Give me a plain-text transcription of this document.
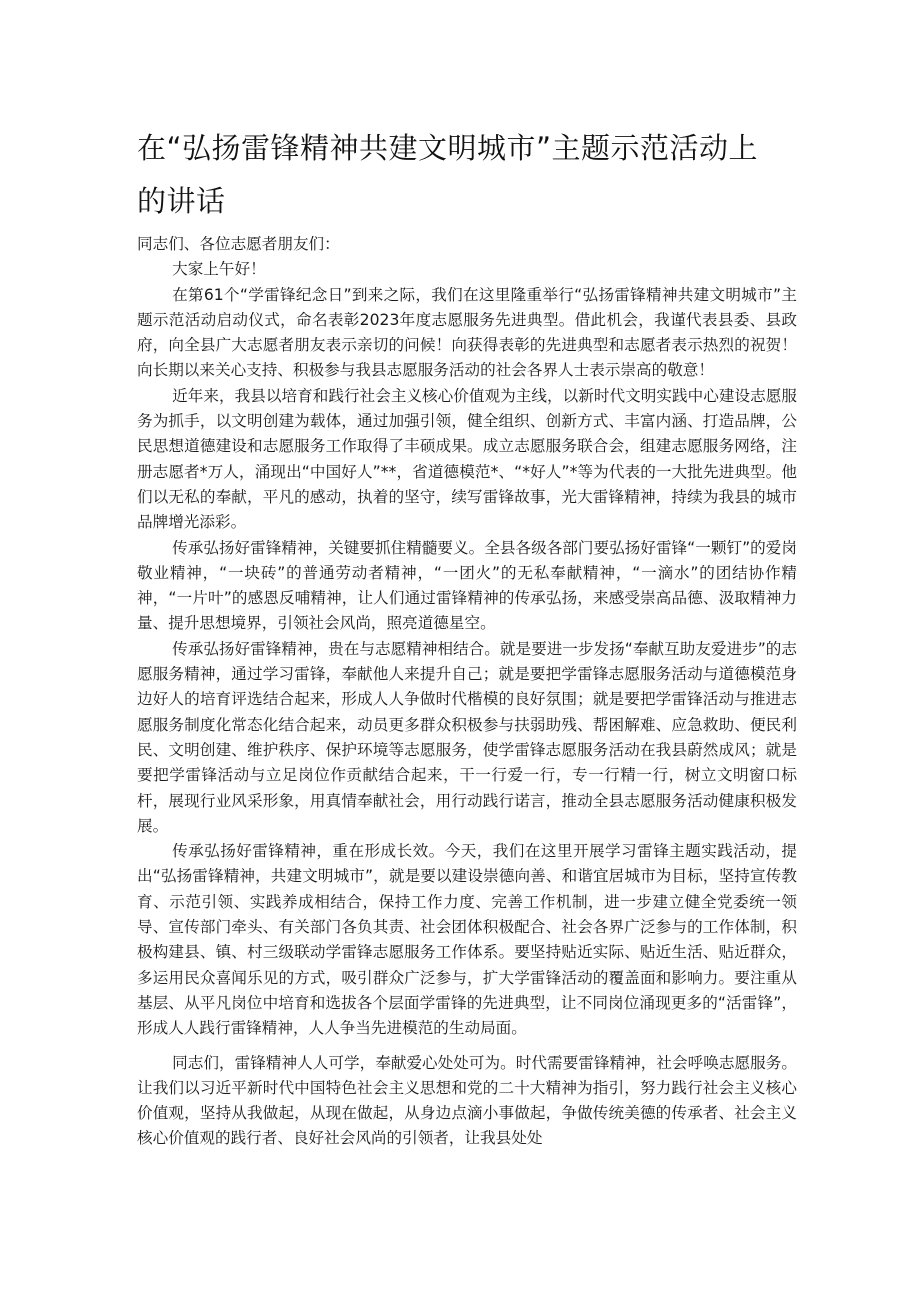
在“弘扬雷锋精神共建文明城市”主题示范活动上
的讲话

同志们、各位志愿者朋友们：

大家上午好！

在第61个“学雷锋纪念日”到来之际，我们在这里隆重举行“弘扬雷锋精神共建文明城市”主题示范活动启动仪式，命名表彰2023年度志愿服务先进典型。借此机会，我谨代表县委、县政府，向全县广大志愿者朋友表示亲切的问候！向获得表彰的先进典型和志愿者表示热烈的祝贺！向长期以来关心支持、积极参与我县志愿服务活动的社会各界人士表示崇高的敬意！

近年来，我县以培育和践行社会主义核心价值观为主线，以新时代文明实践中心建设志愿服务为抓手，以文明创建为载体，通过加强引领，健全组织、创新方式、丰富内涵、打造品牌，公民思想道德建设和志愿服务工作取得了丰硕成果。成立志愿服务联合会，组建志愿服务网络，注册志愿者*万人，涌现出“中国好人”**，省道德模范*、“*好人”*等为代表的一大批先进典型。他们以无私的奉献，平凡的感动，执着的坚守，续写雷锋故事，光大雷锋精神，持续为我县的城市品牌增光添彩。

传承弘扬好雷锋精神，关键要抓住精髓要义。全县各级各部门要弘扬好雷锋“一颗钉”的爱岗敬业精神，“一块砖”的普通劳动者精神，“一团火”的无私奉献精神，“一滴水”的团结协作精神，“一片叶”的感恩反哺精神，让人们通过雷锋精神的传承弘扬，来感受崇高品德、汲取精神力量、提升思想境界，引领社会风尚，照亮道德星空。

传承弘扬好雷锋精神，贵在与志愿精神相结合。就是要进一步发扬“奉献互助友爱进步”的志愿服务精神，通过学习雷锋，奉献他人来提升自己；就是要把学雷锋志愿服务活动与道德模范身边好人的培育评选结合起来，形成人人争做时代楷模的良好氛围；就是要把学雷锋活动与推进志愿服务制度化常态化结合起来，动员更多群众积极参与扶弱助残、帮困解难、应急救助、便民利民、文明创建、维护秩序、保护环境等志愿服务，使学雷锋志愿服务活动在我县蔚然成风；就是要把学雷锋活动与立足岗位作贡献结合起来，干一行爱一行，专一行精一行，树立文明窗口标杆，展现行业风采形象，用真情奉献社会，用行动践行诺言，推动全县志愿服务活动健康积极发展。

传承弘扬好雷锋精神，重在形成长效。今天，我们在这里开展学习雷锋主题实践活动，提出“弘扬雷锋精神，共建文明城市”，就是要以建设崇德向善、和谐宜居城市为目标，坚持宣传教育、示范引领、实践养成相结合，保持工作力度、完善工作机制，进一步建立健全党委统一领导、宣传部门牵头、有关部门各负其责、社会团体积极配合、社会各界广泛参与的工作体制，积极构建县、镇、村三级联动学雷锋志愿服务工作体系。要坚持贴近实际、贴近生活、贴近群众，多运用民众喜闻乐见的方式，吸引群众广泛参与，扩大学雷锋活动的覆盖面和影响力。要注重从基层、从平凡岗位中培育和选拔各个层面学雷锋的先进典型，让不同岗位涌现更多的“活雷锋”，形成人人践行雷锋精神，人人争当先进模范的生动局面。

同志们，雷锋精神人人可学，奉献爱心处处可为。时代需要雷锋精神，社会呼唤志愿服务。让我们以习近平新时代中国特色社会主义思想和党的二十大精神为指引，努力践行社会主义核心价值观，坚持从我做起，从现在做起，从身边点滴小事做起，争做传统美德的传承者、社会主义核心价值观的践行者、良好社会风尚的引领者，让我县处处
